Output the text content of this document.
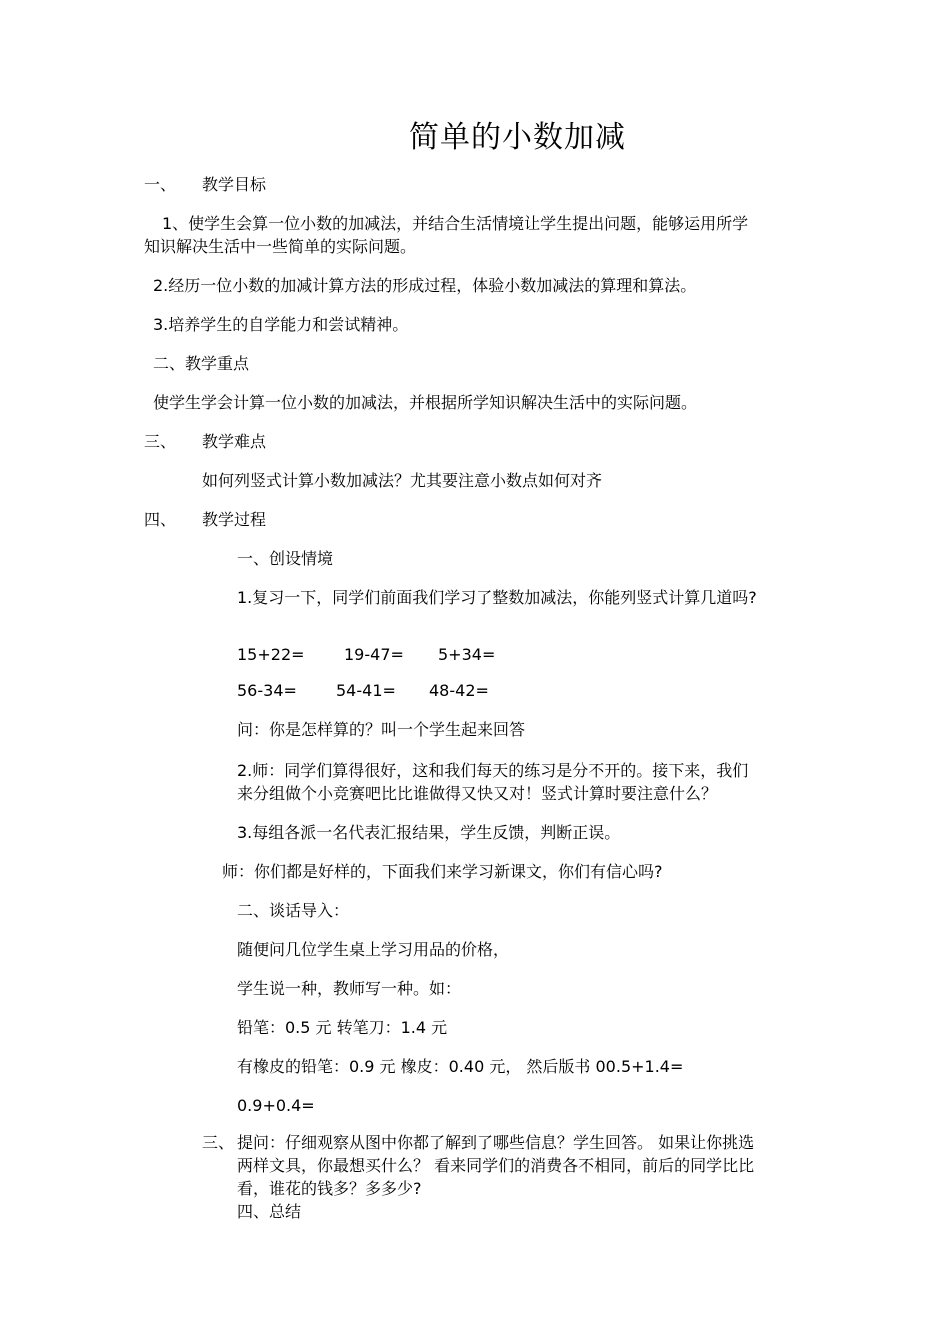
简单的小数加减
一、 教学目标
1、使学生会算一位小数的加减法，并结合生活情境让学生提出问题，能够运用所学
知识解决生活中一些简单的实际问题。
2.经历一位小数的加减计算方法的形成过程，体验小数加减法的算理和算法。
3.培养学生的自学能力和尝试精神。
二、教学重点
使学生学会计算一位小数的加减法，并根据所学知识解决生活中的实际问题。
三、 教学难点
如何列竖式计算小数加减法？尤其要注意小数点如何对齐
四、 教学过程
一、创设情境
1.复习一下，同学们前面我们学习了整数加减法，你能列竖式计算几道吗?
15+22= 19-47= 5+34=
56-34= 54-41= 48-42=
问：你是怎样算的？叫一个学生起来回答
2.师：同学们算得很好，这和我们每天的练习是分不开的。接下来，我们
来分组做个小竞赛吧比比谁做得又快又对！竖式计算时要注意什么？
3.每组各派一名代表汇报结果，学生反馈，判断正误。
师：你们都是好样的，下面我们来学习新课文，你们有信心吗?
二、谈话导入：
随便问几位学生桌上学习用品的价格，
学生说一种，教师写一种。如：
铅笔：0.5 元 转笔刀：1.4 元
有橡皮的铅笔：0.9 元 橡皮：0.40 元， 然后版书 00.5+1.4=
0.9+0.4=
三、 提问：仔细观察从图中你都了解到了哪些信息？学生回答。 如果让你挑选
两样文具，你最想买什么？ 看来同学们的消费各不相同，前后的同学比比
看，谁花的钱多？多多少?
四、总结
